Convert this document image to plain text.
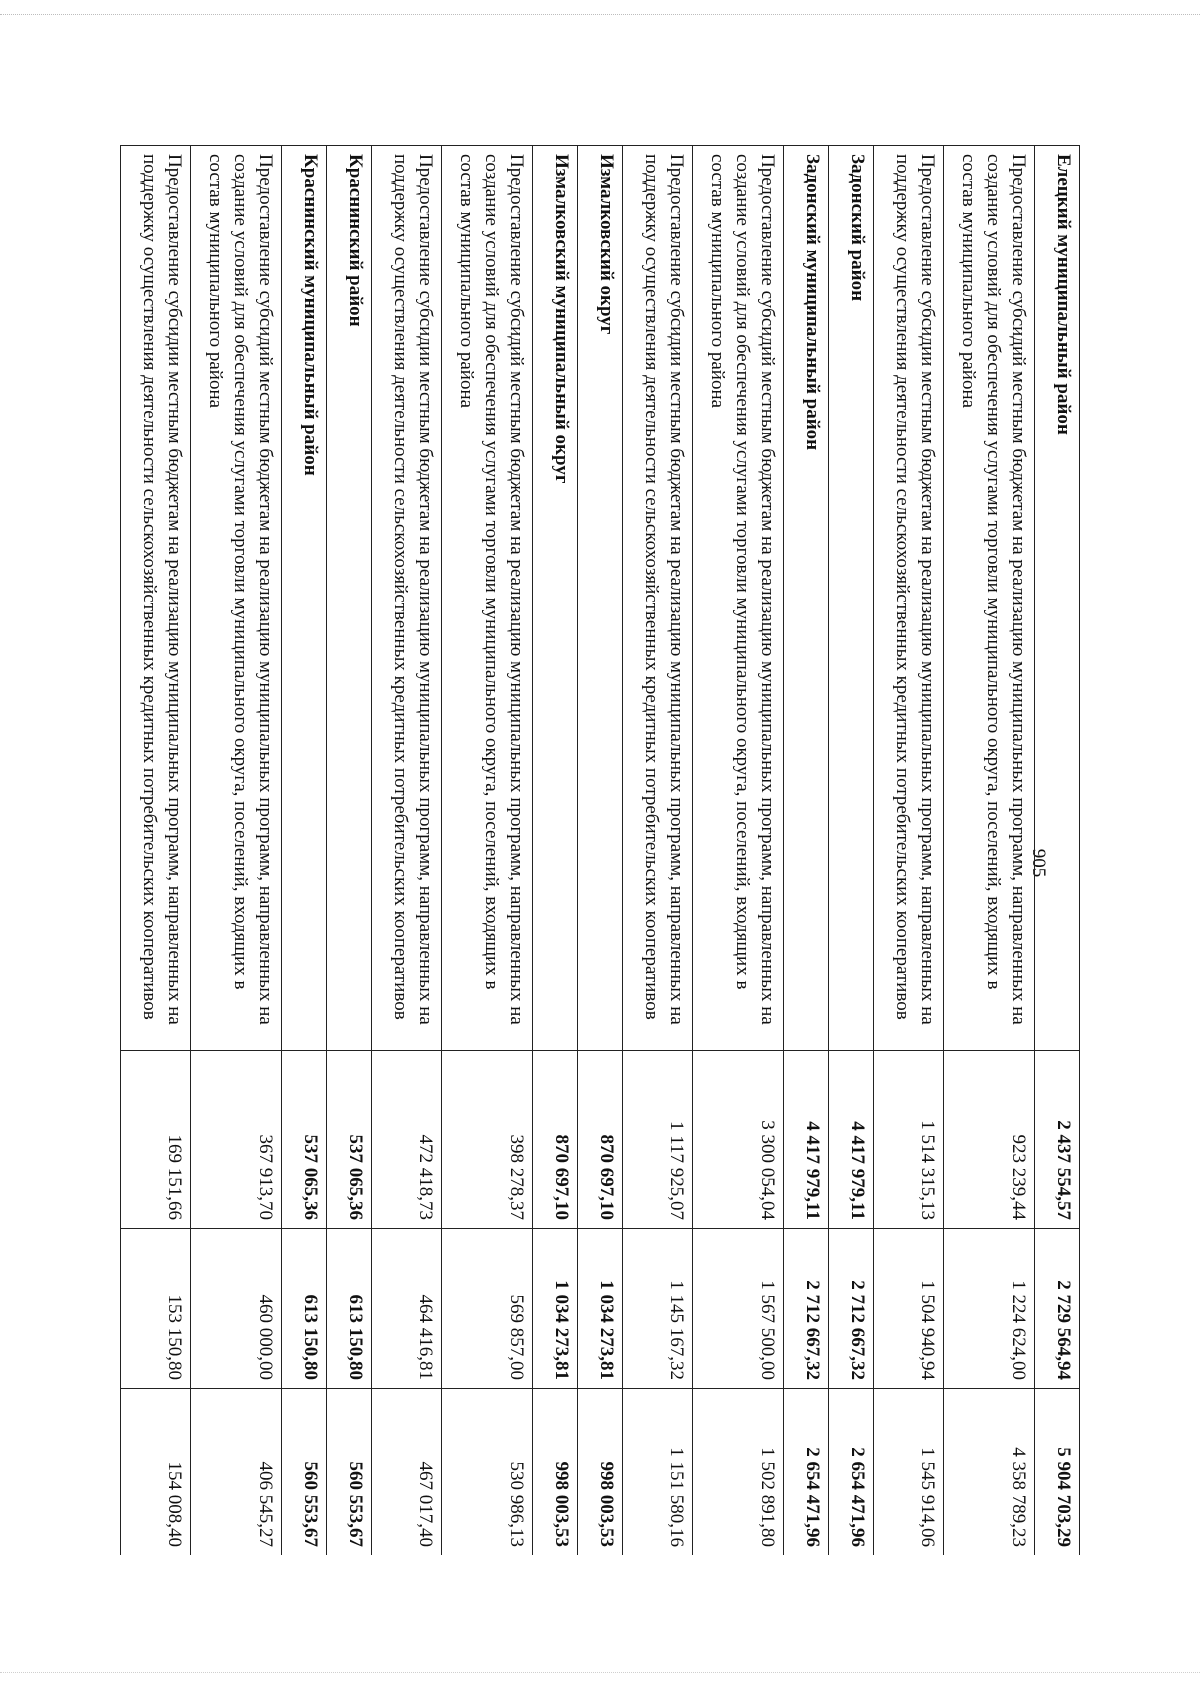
905
Елецкий муниципальный район	2 437 554,57	2 729 564,94	5 904 703,29
Предоставление субсидий местным бюджетам на реализацию муниципальных программ, направленных на создание условий для обеспечения услугами торговли муниципального округа, поселений, входящих в состав муниципального района	923 239,44	1 224 624,00	4 358 789,23
Предоставление субсидии местным бюджетам на реализацию муниципальных программ, направленных на поддержку осуществления деятельности сельскохозяйственных кредитных потребительских кооперативов	1 514 315,13	1 504 940,94	1 545 914,06
Задонский район	4 417 979,11	2 712 667,32	2 654 471,96
Задонский муниципальный район	4 417 979,11	2 712 667,32	2 654 471,96
Предоставление субсидий местным бюджетам на реализацию муниципальных программ, направленных на создание условий для обеспечения услугами торговли муниципального округа, поселений, входящих в состав муниципального района	3 300 054,04	1 567 500,00	1 502 891,80
Предоставление субсидии местным бюджетам на реализацию муниципальных программ, направленных на поддержку осуществления деятельности сельскохозяйственных кредитных потребительских кооперативов	1 117 925,07	1 145 167,32	1 151 580,16
Измалковский округ	870 697,10	1 034 273,81	998 003,53
Измалковский муниципальный округ	870 697,10	1 034 273,81	998 003,53
Предоставление субсидий местным бюджетам на реализацию муниципальных программ, направленных на создание условий для обеспечения услугами торговли муниципального округа, поселений, входящих в состав муниципального района	398 278,37	569 857,00	530 986,13
Предоставление субсидии местным бюджетам на реализацию муниципальных программ, направленных на поддержку осуществления деятельности сельскохозяйственных кредитных потребительских кооперативов	472 418,73	464 416,81	467 017,40
Краснинский район	537 065,36	613 150,80	560 553,67
Краснинский муниципальный район	537 065,36	613 150,80	560 553,67
Предоставление субсидий местным бюджетам на реализацию муниципальных программ, направленных на создание условий для обеспечения услугами торговли муниципального округа, поселений, входящих в состав муниципального района	367 913,70	460 000,00	406 545,27
Предоставление субсидии местным бюджетам на реализацию муниципальных программ, направленных на поддержку осуществления деятельности сельскохозяйственных кредитных потребительских кооперативов	169 151,66	153 150,80	154 008,40
